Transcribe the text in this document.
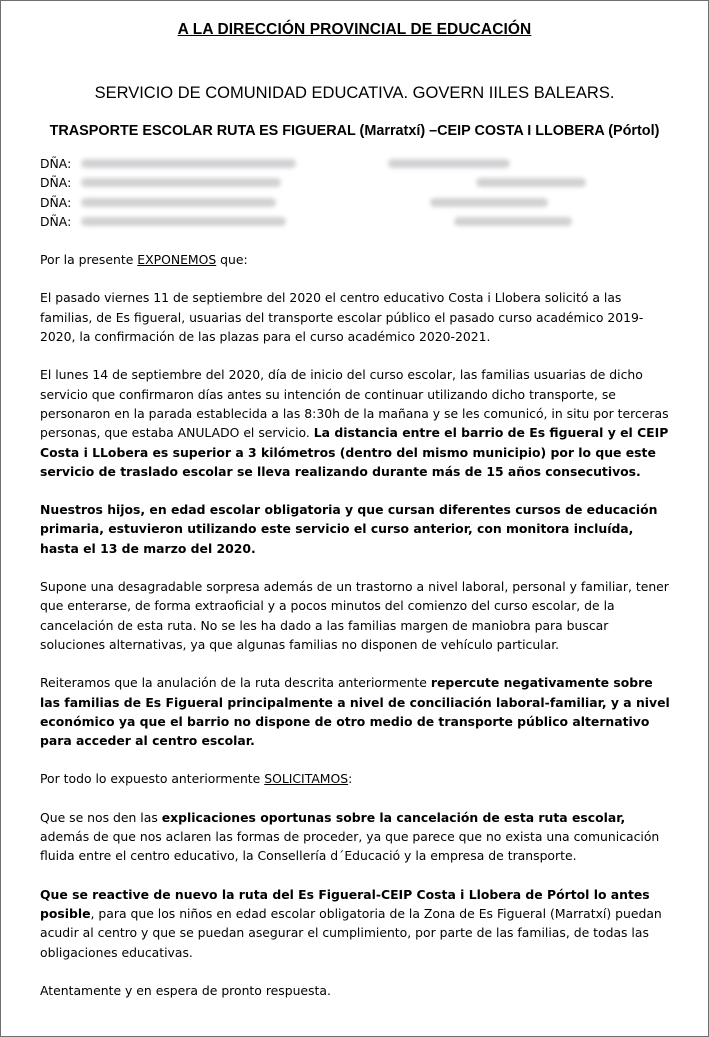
A LA DIRECCIÓN PROVINCIAL DE EDUCACIÓN
SERVICIO DE COMUNIDAD EDUCATIVA. GOVERN IILES BALEARS.
TRASPORTE ESCOLAR RUTA ES FIGUERAL (Marratxí) –CEIP COSTA I LLOBERA (Pórtol)
DÑA:
DÑA:
DÑA:
DÑA:

Por la presente EXPONEMOS que:

El pasado viernes 11 de septiembre del 2020 el centro educativo Costa i Llobera solicitó a las familias, de Es figueral, usuarias del transporte escolar público el pasado curso académico 2019-2020, la confirmación de las plazas para el curso académico 2020-2021.

El lunes 14 de septiembre del 2020, día de inicio del curso escolar, las familias usuarias de dicho servicio que confirmaron días antes su intención de continuar utilizando dicho transporte, se personaron en la parada establecida a las 8:30h de la mañana y se les comunicó, in situ por terceras personas, que estaba ANULADO el servicio. La distancia entre el barrio de Es figueral y el CEIP Costa i LLobera es superior a 3 kilómetros (dentro del mismo municipio) por lo que este servicio de traslado escolar se lleva realizando durante más de 15 años consecutivos.

Nuestros hijos, en edad escolar obligatoria y que cursan diferentes cursos de educación primaria, estuvieron utilizando este servicio el curso anterior, con monitora incluída, hasta el 13 de marzo del 2020.

Supone una desagradable sorpresa además de un trastorno a nivel laboral, personal y familiar, tener que enterarse, de forma extraoficial y a pocos minutos del comienzo del curso escolar, de la cancelación de esta ruta. No se les ha dado a las familias margen de maniobra para buscar soluciones alternativas, ya que algunas familias no disponen de vehículo particular.

Reiteramos que la anulación de la ruta descrita anteriormente repercute negativamente sobre las familias de Es Figueral principalmente a nivel de conciliación laboral-familiar, y a nivel económico ya que el barrio no dispone de otro medio de transporte público alternativo para acceder al centro escolar.

Por todo lo expuesto anteriormente SOLICITAMOS:

Que se nos den las explicaciones oportunas sobre la cancelación de esta ruta escolar, además de que nos aclaren las formas de proceder, ya que parece que no exista una comunicación fluida entre el centro educativo, la Consellería d´Educació y la empresa de transporte.

Que se reactive de nuevo la ruta del Es Figueral-CEIP Costa i Llobera de Pórtol lo antes posible, para que los niños en edad escolar obligatoria de la Zona de Es Figueral (Marratxí) puedan acudir al centro y que se puedan asegurar el cumplimiento, por parte de las familias, de todas las obligaciones educativas.

Atentamente y en espera de pronto respuesta.
